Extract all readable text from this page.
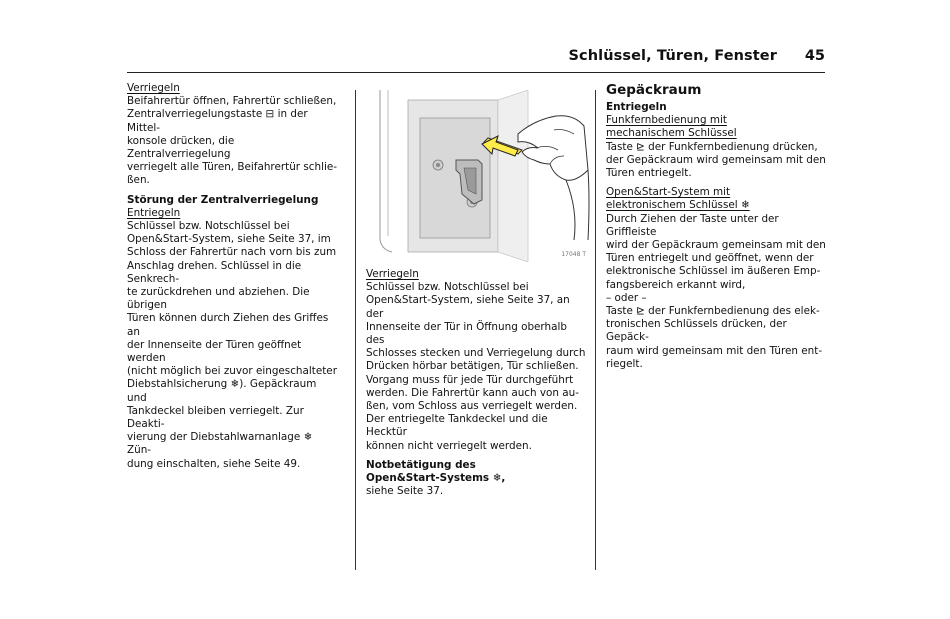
Schlüssel, Türen, Fenster 45

Verriegeln

Beifahrertür öffnen, Fahrertür schließen,

Zentralverriegelungstaste ⊟ in der Mittel-

konsole drücken, die Zentralverriegelung

verriegelt alle Türen, Beifahrertür schlie-

ßen.

Störung der Zentralverriegelung

Entriegeln

Schlüssel bzw. Notschlüssel bei

Open&Start-System, siehe Seite 37, im

Schloss der Fahrertür nach vorn bis zum

Anschlag drehen. Schlüssel in die Senkrech-

te zurückdrehen und abziehen. Die übrigen

Türen können durch Ziehen des Griffes an

der Innenseite der Türen geöffnet werden

(nicht möglich bei zuvor eingeschalteter

Diebstahlsicherung ❄). Gepäckraum und

Tankdeckel bleiben verriegelt. Zur Deakti-

vierung der Diebstahlwarnanlage ❄ Zün-

dung einschalten, siehe Seite 49.

17048 T

Verriegeln

Schlüssel bzw. Notschlüssel bei

Open&Start-System, siehe Seite 37, an der

Innenseite der Tür in Öffnung oberhalb des

Schlosses stecken und Verriegelung durch

Drücken hörbar betätigen, Tür schließen.

Vorgang muss für jede Tür durchgeführt

werden. Die Fahrertür kann auch von au-

ßen, vom Schloss aus verriegelt werden.

Der entriegelte Tankdeckel und die Hecktür

können nicht verriegelt werden.

Notbetätigung des

Open&Start-Systems ❄,

siehe Seite 37.

Gepäckraum

Entriegeln

Funkfernbedienung mit

mechanischem Schlüssel

Taste ⊵ der Funkfernbedienung drücken,

der Gepäckraum wird gemeinsam mit den

Türen entriegelt.

Open&Start-System mit

elektronischem Schlüssel ❄

Durch Ziehen der Taste unter der Griffleiste

wird der Gepäckraum gemeinsam mit den

Türen entriegelt und geöffnet, wenn der

elektronische Schlüssel im äußeren Emp-

fangsbereich erkannt wird,

– oder –

Taste ⊵ der Funkfernbedienung des elek-

tronischen Schlüssels drücken, der Gepäck-

raum wird gemeinsam mit den Türen ent-

riegelt.
